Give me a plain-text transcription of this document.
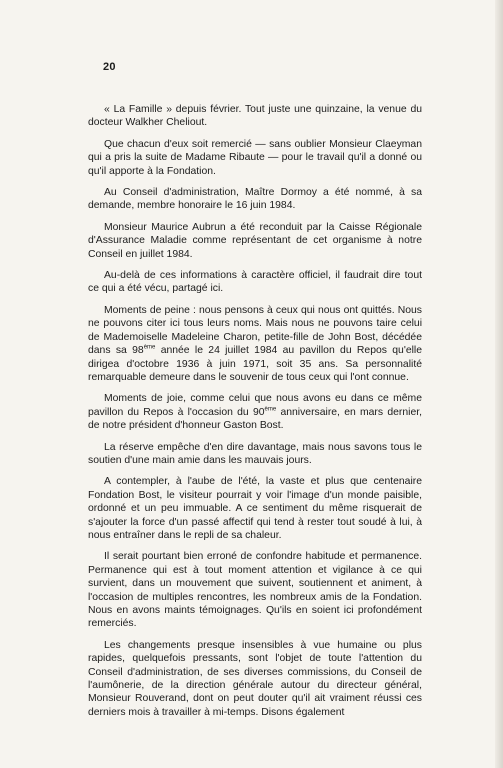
20

« La Famille » depuis février. Tout juste une quinzaine, la venue du docteur Walkher Cheliout.

Que chacun d'eux soit remercié — sans oublier Monsieur Claeyman qui a pris la suite de Madame Ribaute — pour le travail qu'il a donné ou qu'il apporte à la Fondation.

Au Conseil d'administration, Maître Dormoy a été nommé, à sa demande, membre honoraire le 16 juin 1984.

Monsieur Maurice Aubrun a été reconduit par la Caisse Régionale d'Assurance Maladie comme représentant de cet organisme à notre Conseil en juillet 1984.

Au-delà de ces informations à caractère officiel, il faudrait dire tout ce qui a été vécu, partagé ici.

Moments de peine : nous pensons à ceux qui nous ont quittés. Nous ne pouvons citer ici tous leurs noms. Mais nous ne pouvons taire celui de Mademoiselle Madeleine Charon, petite-fille de John Bost, décédée dans sa 98ème année le 24 juillet 1984 au pavillon du Repos qu'elle dirigea d'octobre 1936 à juin 1971, soit 35 ans. Sa personnalité remarquable demeure dans le souvenir de tous ceux qui l'ont connue.

Moments de joie, comme celui que nous avons eu dans ce même pavillon du Repos à l'occasion du 90ème anniversaire, en mars dernier, de notre président d'honneur Gaston Bost.

La réserve empêche d'en dire davantage, mais nous savons tous le soutien d'une main amie dans les mauvais jours.

A contempler, à l'aube de l'été, la vaste et plus que centenaire Fondation Bost, le visiteur pourrait y voir l'image d'un monde paisible, ordonné et un peu immuable. A ce sentiment du même risquerait de s'ajouter la force d'un passé affectif qui tend à rester tout soudé à lui, à nous entraîner dans le repli de sa chaleur.

Il serait pourtant bien erroné de confondre habitude et permanence. Permanence qui est à tout moment attention et vigilance à ce qui survient, dans un mouvement que suivent, soutiennent et animent, à l'occasion de multiples rencontres, les nombreux amis de la Fondation. Nous en avons maints témoignages. Qu'ils en soient ici profondément remerciés.

Les changements presque insensibles à vue humaine ou plus rapides, quelquefois pressants, sont l'objet de toute l'attention du Conseil d'administration, de ses diverses commissions, du Conseil de l'aumônerie, de la direction générale autour du directeur général, Monsieur Rouverand, dont on peut douter qu'il ait vraiment réussi ces derniers mois à travailler à mi-temps. Disons également
